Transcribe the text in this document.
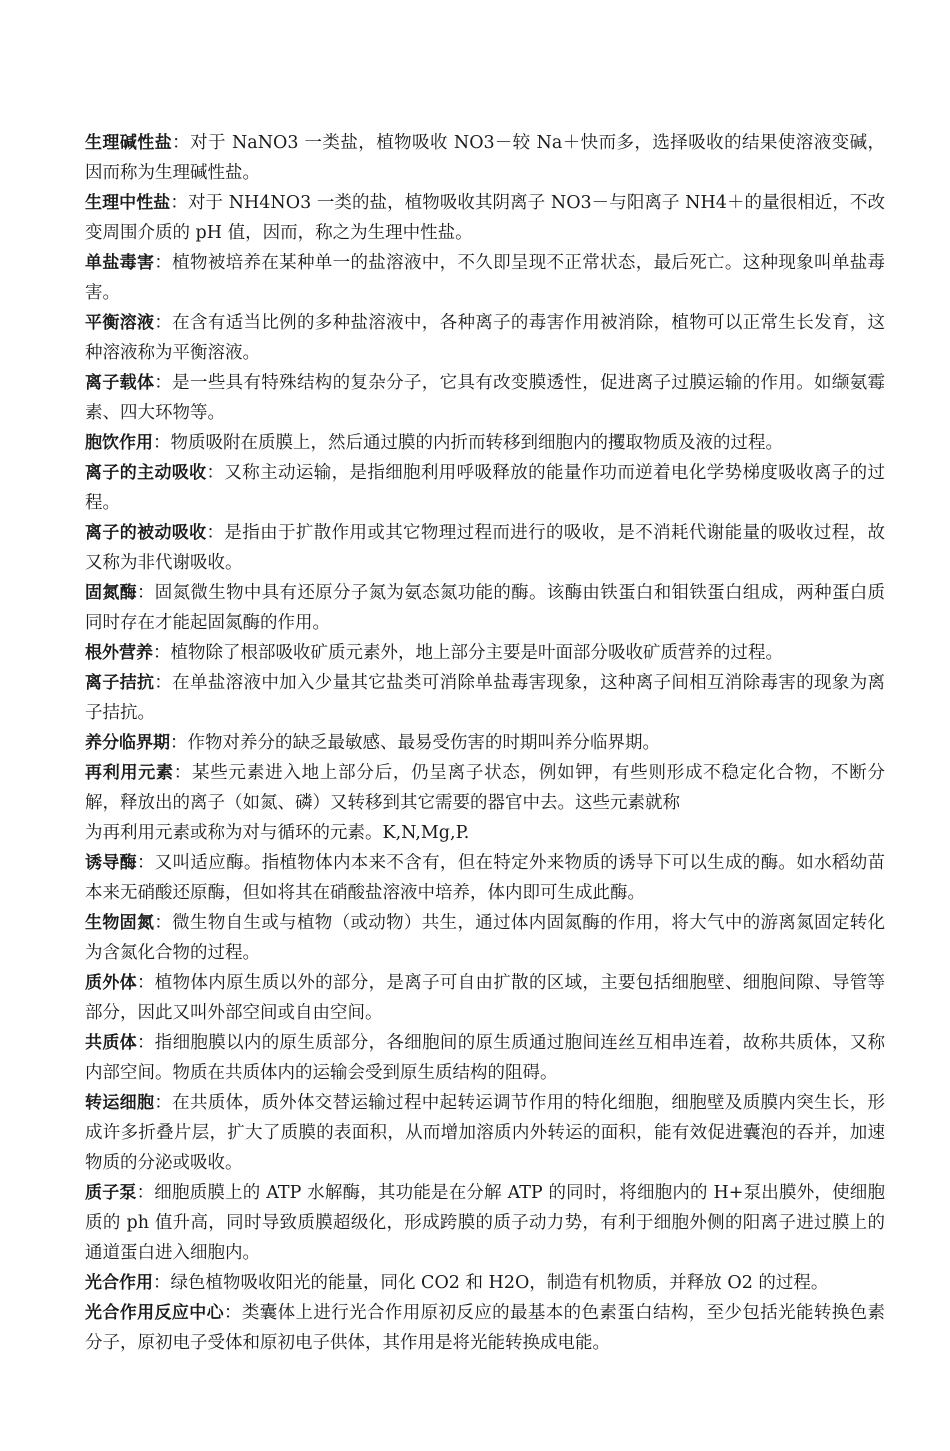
生理碱性盐：对于 NaNO3 一类盐，植物吸收 NO3－较 Na＋快而多，选择吸收的结果使溶液变碱，因而称为生理碱性盐。
生理中性盐：对于 NH4NO3 一类的盐，植物吸收其阴离子 NO3－与阳离子 NH4＋的量很相近，不改变周围介质的 pH 值，因而，称之为生理中性盐。
单盐毒害：植物被培养在某种单一的盐溶液中，不久即呈现不正常状态，最后死亡。这种现象叫单盐毒害。
平衡溶液：在含有适当比例的多种盐溶液中，各种离子的毒害作用被消除，植物可以正常生长发育，这种溶液称为平衡溶液。
离子载体：是一些具有特殊结构的复杂分子，它具有改变膜透性，促进离子过膜运输的作用。如缬氨霉素、四大环物等。
胞饮作用：物质吸附在质膜上，然后通过膜的内折而转移到细胞内的攫取物质及液的过程。
离子的主动吸收：又称主动运输，是指细胞利用呼吸释放的能量作功而逆着电化学势梯度吸收离子的过程。
离子的被动吸收：是指由于扩散作用或其它物理过程而进行的吸收，是不消耗代谢能量的吸收过程，故又称为非代谢吸收。
固氮酶：固氮微生物中具有还原分子氮为氨态氮功能的酶。该酶由铁蛋白和钼铁蛋白组成，两种蛋白质同时存在才能起固氮酶的作用。
根外营养：植物除了根部吸收矿质元素外，地上部分主要是叶面部分吸收矿质营养的过程。
离子拮抗：在单盐溶液中加入少量其它盐类可消除单盐毒害现象，这种离子间相互消除毒害的现象为离子拮抗。
养分临界期：作物对养分的缺乏最敏感、最易受伤害的时期叫养分临界期。
再利用元素：某些元素进入地上部分后，仍呈离子状态，例如钾，有些则形成不稳定化合物，不断分解，释放出的离子（如氮、磷）又转移到其它需要的器官中去。这些元素就称
为再利用元素或称为对与循环的元素。K,N,Mg,P.
诱导酶：又叫适应酶。指植物体内本来不含有，但在特定外来物质的诱导下可以生成的酶。如水稻幼苗本来无硝酸还原酶，但如将其在硝酸盐溶液中培养，体内即可生成此酶。
生物固氮：微生物自生或与植物（或动物）共生，通过体内固氮酶的作用，将大气中的游离氮固定转化为含氮化合物的过程。
质外体：植物体内原生质以外的部分，是离子可自由扩散的区域，主要包括细胞壁、细胞间隙、导管等部分，因此又叫外部空间或自由空间。
共质体：指细胞膜以内的原生质部分，各细胞间的原生质通过胞间连丝互相串连着，故称共质体，又称内部空间。物质在共质体内的运输会受到原生质结构的阻碍。
转运细胞：在共质体，质外体交替运输过程中起转运调节作用的特化细胞，细胞壁及质膜内突生长，形成许多折叠片层，扩大了质膜的表面积，从而增加溶质内外转运的面积，能有效促进囊泡的吞并，加速物质的分泌或吸收。
质子泵：细胞质膜上的 ATP 水解酶，其功能是在分解 ATP 的同时，将细胞内的 H+泵出膜外，使细胞质的 ph 值升高，同时导致质膜超级化，形成跨膜的质子动力势，有利于细胞外侧的阳离子进过膜上的通道蛋白进入细胞内。
光合作用：绿色植物吸收阳光的能量，同化 CO2 和 H2O，制造有机物质，并释放 O2 的过程。
光合作用反应中心：类囊体上进行光合作用原初反应的最基本的色素蛋白结构，至少包括光能转换色素分子，原初电子受体和原初电子供体，其作用是将光能转换成电能。
